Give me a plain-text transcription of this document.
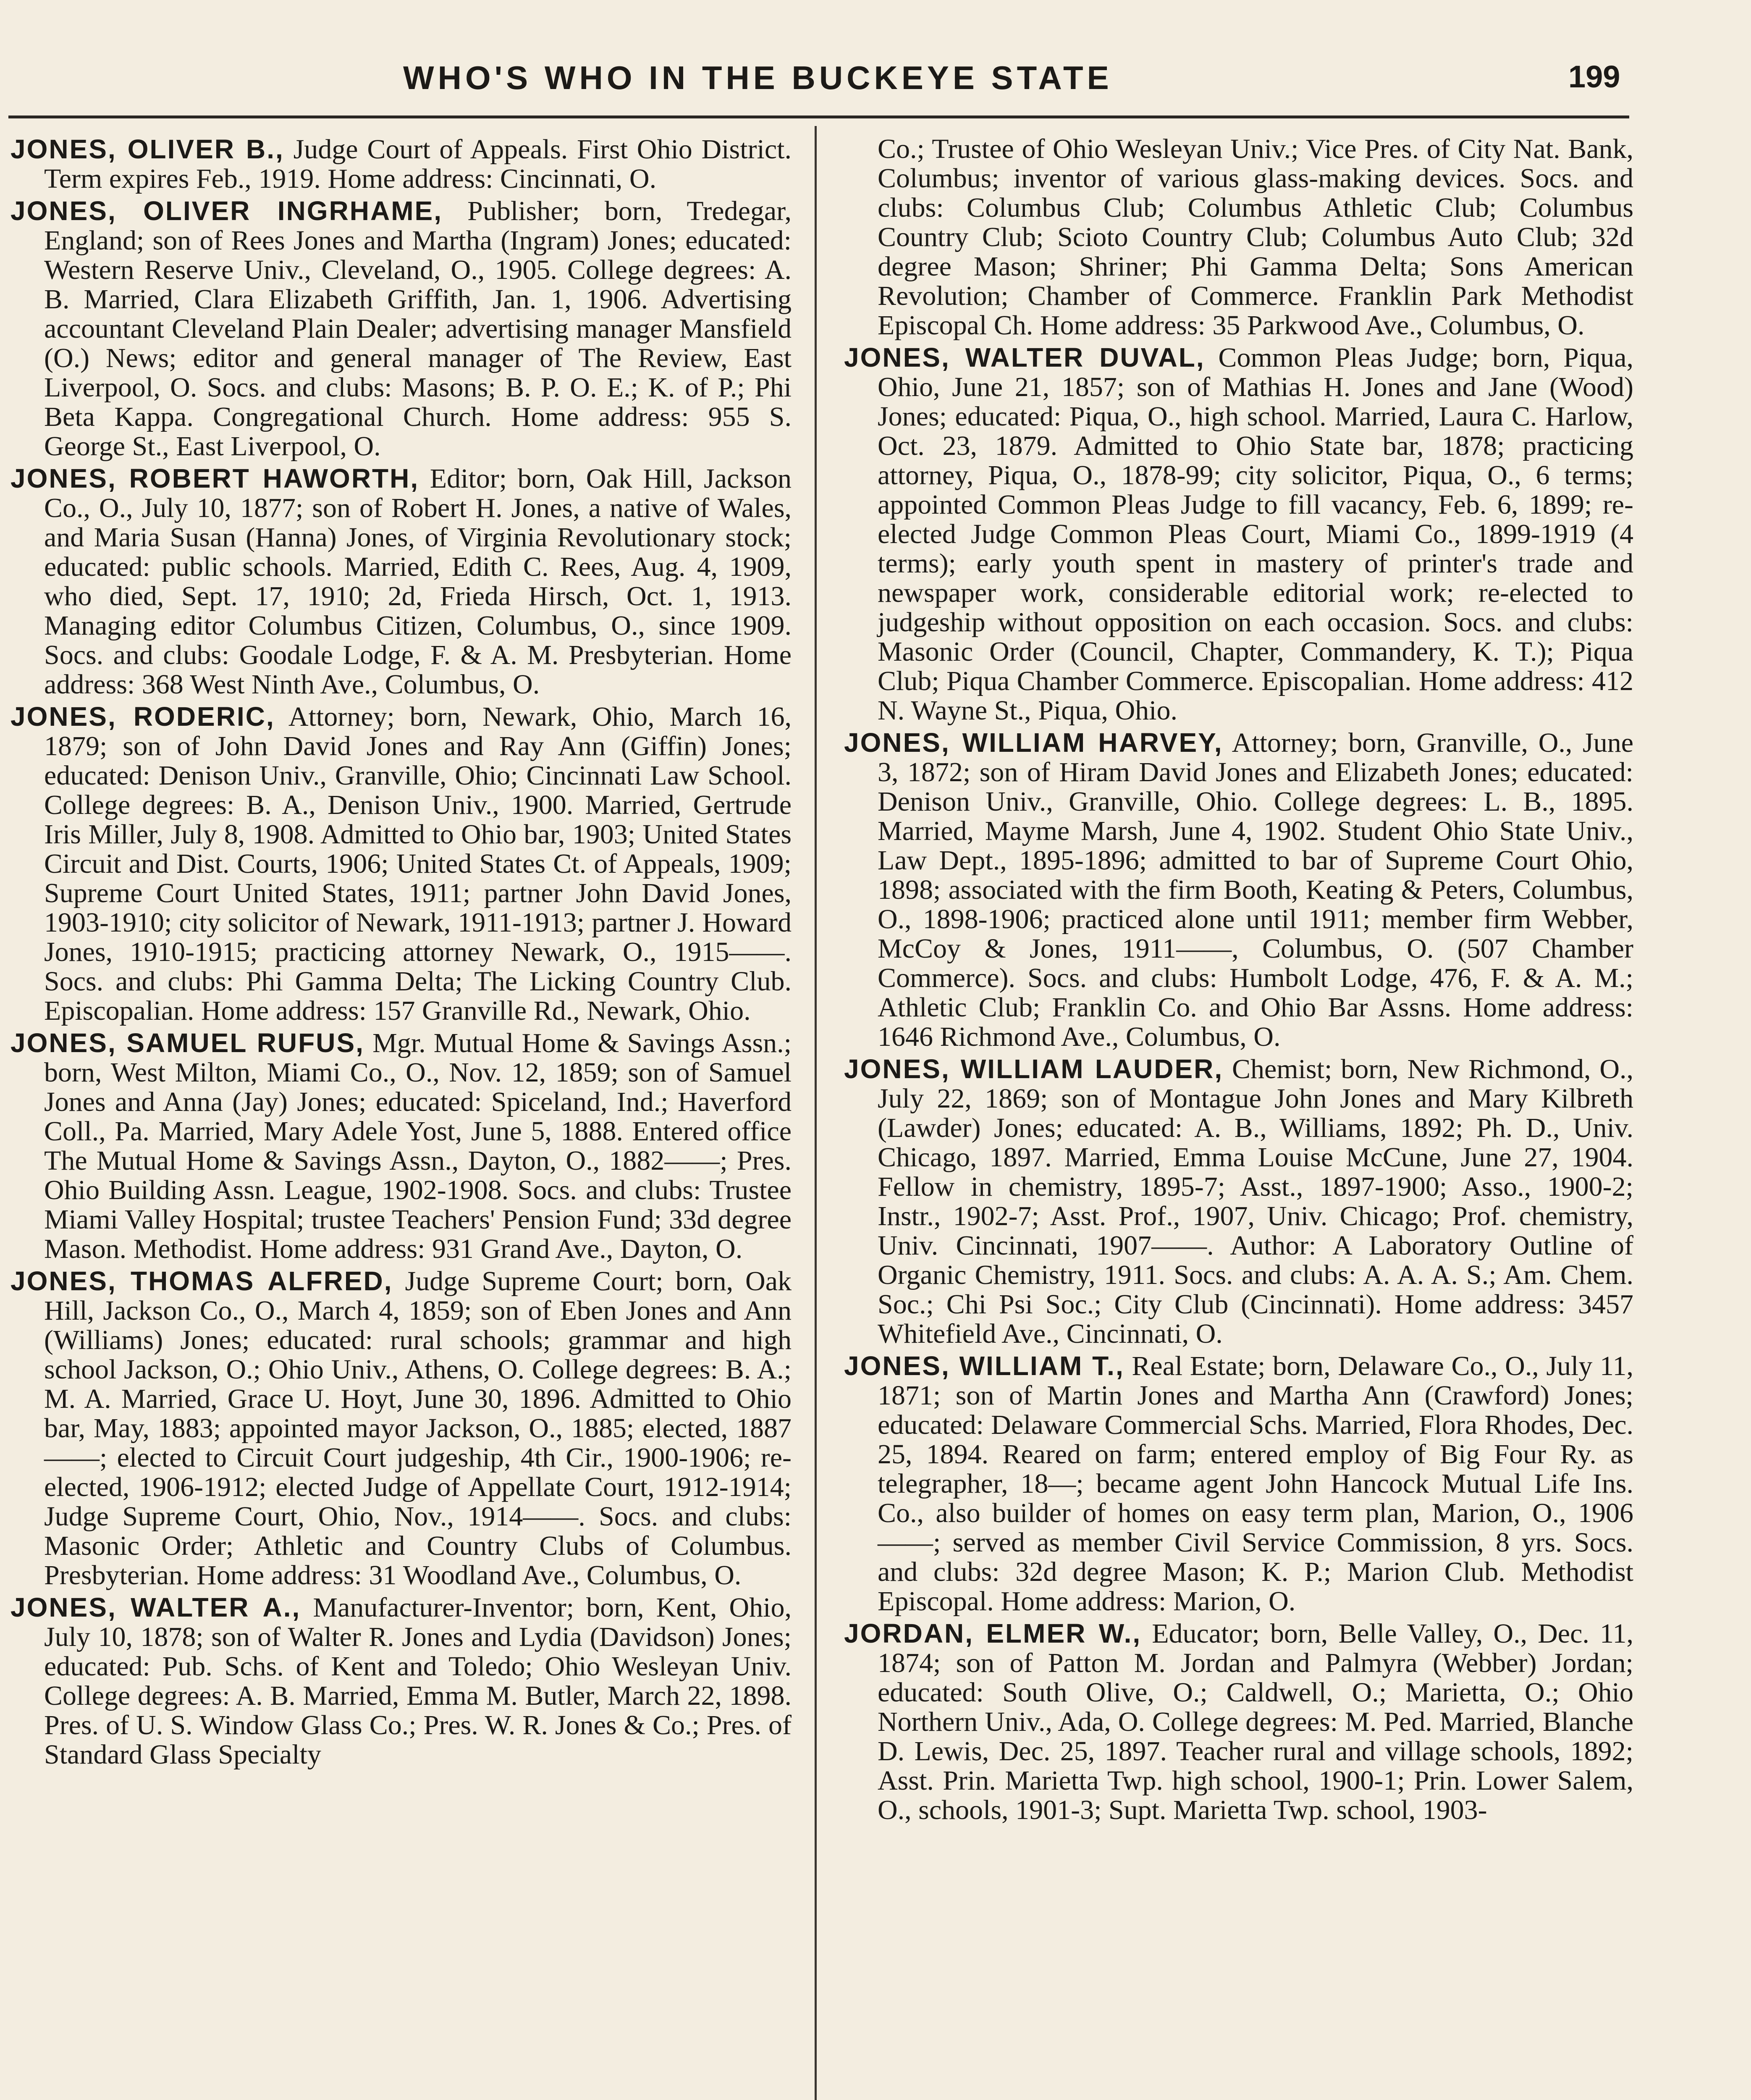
WHO'S WHO IN THE BUCKEYE STATE	199

JONES, OLIVER B., Judge Court of Appeals. First Ohio District. Term expires Feb., 1919. Home address: Cincinnati, O.

JONES, OLIVER INGRHAME, Publisher; born, Tredegar, England; son of Rees Jones and Martha (Ingram) Jones; educated: Western Reserve Univ., Cleveland, O., 1905. College degrees: A. B. Married, Clara Elizabeth Griffith, Jan. 1, 1906. Advertising accountant Cleveland Plain Dealer; advertising manager Mansfield (O.) News; editor and general manager of The Review, East Liverpool, O. Socs. and clubs: Masons; B. P. O. E.; K. of P.; Phi Beta Kappa. Congregational Church. Home address: 955 S. George St., East Liverpool, O.

JONES, ROBERT HAWORTH, Editor; born, Oak Hill, Jackson Co., O., July 10, 1877; son of Robert H. Jones, a native of Wales, and Maria Susan (Hanna) Jones, of Virginia Revolutionary stock; educated: public schools. Married, Edith C. Rees, Aug. 4, 1909, who died, Sept. 17, 1910; 2d, Frieda Hirsch, Oct. 1, 1913. Managing editor Columbus Citizen, Columbus, O., since 1909. Socs. and clubs: Goodale Lodge, F. & A. M. Presbyterian. Home address: 368 West Ninth Ave., Columbus, O.

JONES, RODERIC, Attorney; born, Newark, Ohio, March 16, 1879; son of John David Jones and Ray Ann (Giffin) Jones; educated: Denison Univ., Granville, Ohio; Cincinnati Law School. College degrees: B. A., Denison Univ., 1900. Married, Gertrude Iris Miller, July 8, 1908. Admitted to Ohio bar, 1903; United States Circuit and Dist. Courts, 1906; United States Ct. of Appeals, 1909; Supreme Court United States, 1911; partner John David Jones, 1903-1910; city solicitor of Newark, 1911-1913; partner J. Howard Jones, 1910-1915; practicing attorney Newark, O., 1915——. Socs. and clubs: Phi Gamma Delta; The Licking Country Club. Episcopalian. Home address: 157 Granville Rd., Newark, Ohio.

JONES, SAMUEL RUFUS, Mgr. Mutual Home & Savings Assn.; born, West Milton, Miami Co., O., Nov. 12, 1859; son of Samuel Jones and Anna (Jay) Jones; educated: Spiceland, Ind.; Haverford Coll., Pa. Married, Mary Adele Yost, June 5, 1888. Entered office The Mutual Home & Savings Assn., Dayton, O., 1882——; Pres. Ohio Building Assn. League, 1902-1908. Socs. and clubs: Trustee Miami Valley Hospital; trustee Teachers' Pension Fund; 33d degree Mason. Methodist. Home address: 931 Grand Ave., Dayton, O.

JONES, THOMAS ALFRED, Judge Supreme Court; born, Oak Hill, Jackson Co., O., March 4, 1859; son of Eben Jones and Ann (Williams) Jones; educated: rural schools; grammar and high school Jackson, O.; Ohio Univ., Athens, O. College degrees: B. A.; M. A. Married, Grace U. Hoyt, June 30, 1896. Admitted to Ohio bar, May, 1883; appointed mayor Jackson, O., 1885; elected, 1887——; elected to Circuit Court judgeship, 4th Cir., 1900-1906; re-elected, 1906-1912; elected Judge of Appellate Court, 1912-1914; Judge Supreme Court, Ohio, Nov., 1914——. Socs. and clubs: Masonic Order; Athletic and Country Clubs of Columbus. Presbyterian. Home address: 31 Woodland Ave., Columbus, O.

JONES, WALTER A., Manufacturer-Inventor; born, Kent, Ohio, July 10, 1878; son of Walter R. Jones and Lydia (Davidson) Jones; educated: Pub. Schs. of Kent and Toledo; Ohio Wesleyan Univ. College degrees: A. B. Married, Emma M. Butler, March 22, 1898. Pres. of U. S. Window Glass Co.; Pres. W. R. Jones & Co.; Pres. of Standard Glass Specialty

Co.; Trustee of Ohio Wesleyan Univ.; Vice Pres. of City Nat. Bank, Columbus; inventor of various glass-making devices. Socs. and clubs: Columbus Club; Columbus Athletic Club; Columbus Country Club; Scioto Country Club; Columbus Auto Club; 32d degree Mason; Shriner; Phi Gamma Delta; Sons American Revolution; Chamber of Commerce. Franklin Park Methodist Episcopal Ch. Home address: 35 Parkwood Ave., Columbus, O.

JONES, WALTER DUVAL, Common Pleas Judge; born, Piqua, Ohio, June 21, 1857; son of Mathias H. Jones and Jane (Wood) Jones; educated: Piqua, O., high school. Married, Laura C. Harlow, Oct. 23, 1879. Admitted to Ohio State bar, 1878; practicing attorney, Piqua, O., 1878-99; city solicitor, Piqua, O., 6 terms; appointed Common Pleas Judge to fill vacancy, Feb. 6, 1899; re-elected Judge Common Pleas Court, Miami Co., 1899-1919 (4 terms); early youth spent in mastery of printer's trade and newspaper work, considerable editorial work; re-elected to judgeship without opposition on each occasion. Socs. and clubs: Masonic Order (Council, Chapter, Commandery, K. T.); Piqua Club; Piqua Chamber Commerce. Episcopalian. Home address: 412 N. Wayne St., Piqua, Ohio.

JONES, WILLIAM HARVEY, Attorney; born, Granville, O., June 3, 1872; son of Hiram David Jones and Elizabeth Jones; educated: Denison Univ., Granville, Ohio. College degrees: L. B., 1895. Married, Mayme Marsh, June 4, 1902. Student Ohio State Univ., Law Dept., 1895-1896; admitted to bar of Supreme Court Ohio, 1898; associated with the firm Booth, Keating & Peters, Columbus, O., 1898-1906; practiced alone until 1911; member firm Webber, McCoy & Jones, 1911——, Columbus, O. (507 Chamber Commerce). Socs. and clubs: Humbolt Lodge, 476, F. & A. M.; Athletic Club; Franklin Co. and Ohio Bar Assns. Home address: 1646 Richmond Ave., Columbus, O.

JONES, WILLIAM LAUDER, Chemist; born, New Richmond, O., July 22, 1869; son of Montague John Jones and Mary Kilbreth (Lawder) Jones; educated: A. B., Williams, 1892; Ph. D., Univ. Chicago, 1897. Married, Emma Louise McCune, June 27, 1904. Fellow in chemistry, 1895-7; Asst., 1897-1900; Asso., 1900-2; Instr., 1902-7; Asst. Prof., 1907, Univ. Chicago; Prof. chemistry, Univ. Cincinnati, 1907——. Author: A Laboratory Outline of Organic Chemistry, 1911. Socs. and clubs: A. A. A. S.; Am. Chem. Soc.; Chi Psi Soc.; City Club (Cincinnati). Home address: 3457 Whitefield Ave., Cincinnati, O.

JONES, WILLIAM T., Real Estate; born, Delaware Co., O., July 11, 1871; son of Martin Jones and Martha Ann (Crawford) Jones; educated: Delaware Commercial Schs. Married, Flora Rhodes, Dec. 25, 1894. Reared on farm; entered employ of Big Four Ry. as telegrapher, 18—; became agent John Hancock Mutual Life Ins. Co., also builder of homes on easy term plan, Marion, O., 1906——; served as member Civil Service Commission, 8 yrs. Socs. and clubs: 32d degree Mason; K. P.; Marion Club. Methodist Episcopal. Home address: Marion, O.

JORDAN, ELMER W., Educator; born, Belle Valley, O., Dec. 11, 1874; son of Patton M. Jordan and Palmyra (Webber) Jordan; educated: South Olive, O.; Caldwell, O.; Marietta, O.; Ohio Northern Univ., Ada, O. College degrees: M. Ped. Married, Blanche D. Lewis, Dec. 25, 1897. Teacher rural and village schools, 1892; Asst. Prin. Marietta Twp. high school, 1900-1; Prin. Lower Salem, O., schools, 1901-3; Supt. Marietta Twp. school, 1903-
